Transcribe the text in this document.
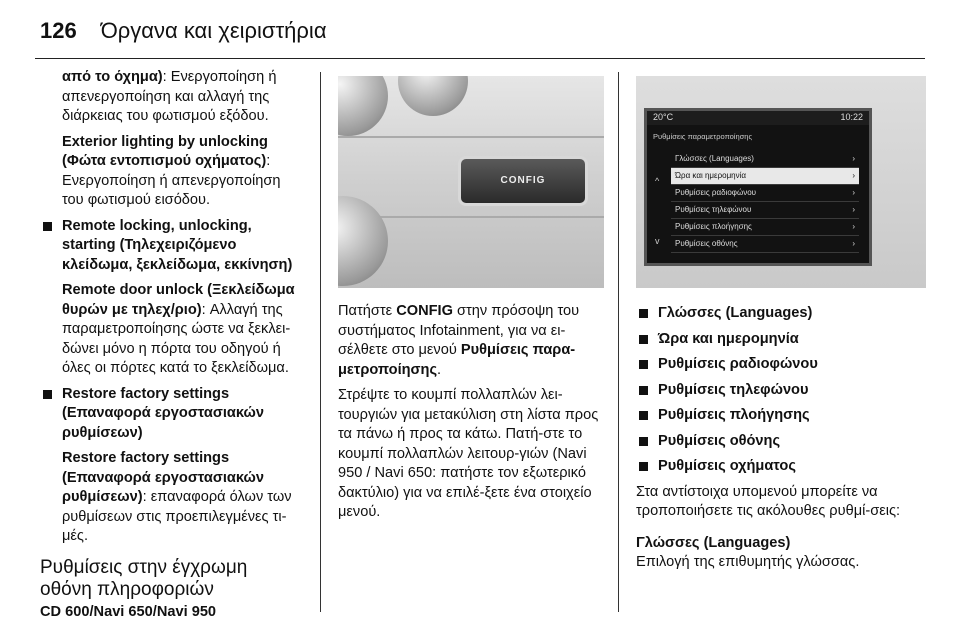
126 Όργανα και χειριστήρια

από το όχημα): Ενεργοποίηση ή απενεργοποίηση και αλλαγή της διάρκειας του φωτισμού εξόδου.

Exterior lighting by unlocking (Φώτα εντοπισμού οχήματος): Ενεργοποίηση ή απενεργοποίηση του φωτισμού εισόδου.

Remote locking, unlocking, starting (Τηλεχειριζόμενο κλείδωμα, ξεκλείδωμα, εκκίνηση)

Remote door unlock (Ξεκλείδωμα θυρών με τηλεχ/ριο): Αλλαγή της παραμετροποίησης ώστε να ξεκλει-δώνει μόνο η πόρτα του οδηγού ή όλες οι πόρτες κατά το ξεκλείδωμα.

Restore factory settings (Επαναφορά εργοστασιακών ρυθμίσεων)

Restore factory settings (Επαναφορά εργοστασιακών ρυθμίσεων): επαναφορά όλων των ρυθμίσεων στις προεπιλεγμένες τι-μές.

Ρυθμίσεις στην έγχρωμη οθόνη πληροφοριών
CD 600/Navi 650/Navi 950
CONFIG

Πατήστε CONFIG στην πρόσοψη του συστήματος Infotainment, για να ει-σέλθετε στο μενού Ρυθμίσεις παρα-μετροποίησης.

Στρέψτε το κουμπί πολλαπλών λει-τουργιών για μετακύλιση στη λίστα προς τα πάνω ή προς τα κάτω. Πατή-στε το κουμπί πολλαπλών λειτουρ-γιών (Navi 950 / Navi 650: πατήστε τον εξωτερικό δακτύλιο) για να επιλέ-ξετε ένα στοιχείο μενού.

20°C	10:22
Ρυθμίσεις παραμετροποίησης
^
v
Γλώσσες (Languages)	›
Ώρα και ημερομηνία	›
Ρυθμίσεις ραδιοφώνου	›
Ρυθμίσεις τηλεφώνου	›
Ρυθμίσεις πλοήγησης	›
Ρυθμίσεις οθόνης	›
Γλώσσες (Languages)
Ώρα και ημερομηνία
Ρυθμίσεις ραδιοφώνου
Ρυθμίσεις τηλεφώνου
Ρυθμίσεις πλοήγησης
Ρυθμίσεις οθόνης
Ρυθμίσεις οχήματος

Στα αντίστοιχα υπομενού μπορείτε να τροποποιήσετε τις ακόλουθες ρυθμί-σεις:

Γλώσσες (Languages)

Επιλογή της επιθυμητής γλώσσας.
